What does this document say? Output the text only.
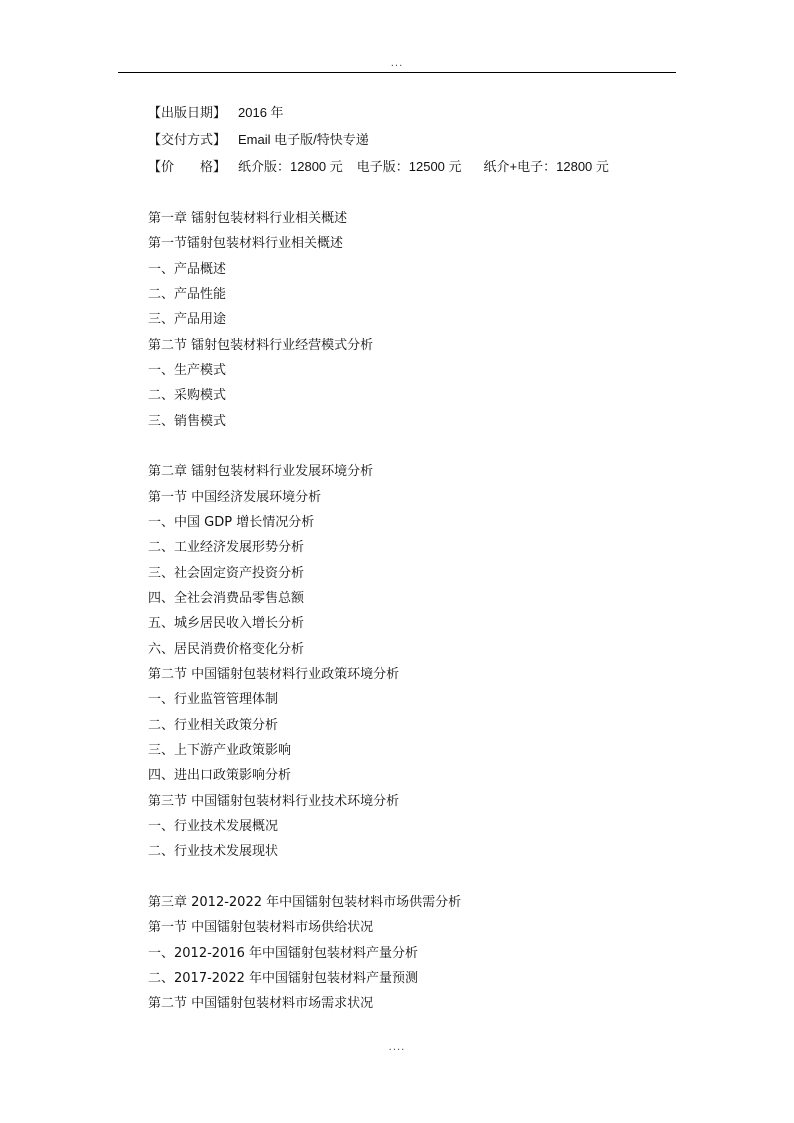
...
【出版日期】 2016 年
【交付方式】 Email 电子版/特快专递
【价　　格】 纸介版：12800 元 电子版：12500 元 纸介+电子：12800 元
第一章 镭射包装材料行业相关概述
第一节镭射包装材料行业相关概述
一、产品概述
二、产品性能
三、产品用途
第二节 镭射包装材料行业经营模式分析
一、生产模式
二、采购模式
三、销售模式
第二章 镭射包装材料行业发展环境分析
第一节 中国经济发展环境分析
一、中国 GDP 增长情况分析
二、工业经济发展形势分析
三、社会固定资产投资分析
四、全社会消费品零售总额
五、城乡居民收入增长分析
六、居民消费价格变化分析
第二节 中国镭射包装材料行业政策环境分析
一、行业监管管理体制
二、行业相关政策分析
三、上下游产业政策影响
四、进出口政策影响分析
第三节 中国镭射包装材料行业技术环境分析
一、行业技术发展概况
二、行业技术发展现状
第三章 2012-2022 年中国镭射包装材料市场供需分析
第一节 中国镭射包装材料市场供给状况
一、2012-2016 年中国镭射包装材料产量分析
二、2017-2022 年中国镭射包装材料产量预测
第二节 中国镭射包装材料市场需求状况
....
